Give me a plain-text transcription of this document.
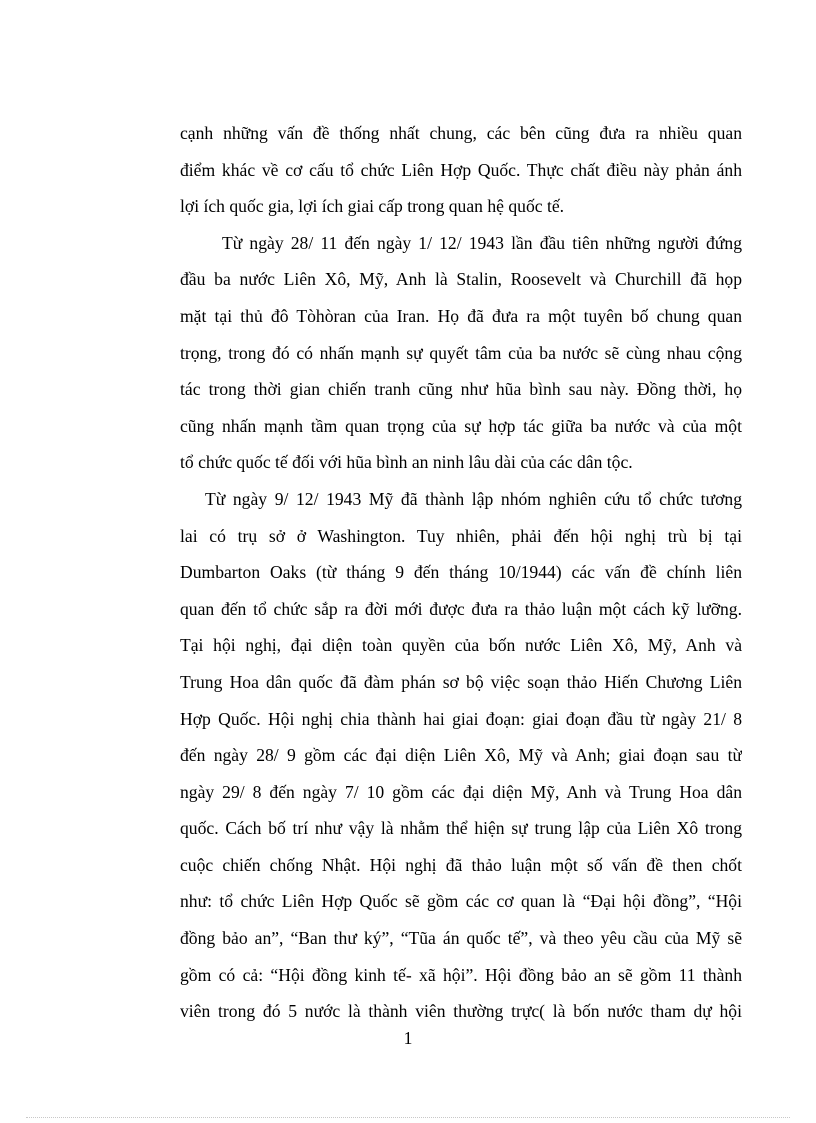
cạnh những vấn đề thống nhất chung, các bên cũng đưa ra nhiều quan
điểm khác về cơ cấu tổ chức Liên Hợp Quốc. Thực chất điều này phản ánh
lợi ích quốc gia, lợi ích giai cấp trong quan hệ quốc tế.
Từ ngày 28/ 11 đến ngày 1/ 12/ 1943 lần đầu tiên những người đứng
đầu ba nước Liên Xô, Mỹ, Anh là Stalin, Roosevelt và Churchill đã họp
mặt tại thủ đô Tòhòran của Iran. Họ đã đưa ra một tuyên bố chung quan
trọng, trong đó có nhấn mạnh sự quyết tâm của ba nước sẽ cùng nhau cộng
tác trong thời gian chiến tranh cũng như hũa bình sau này. Đồng thời, họ
cũng nhấn mạnh tầm quan trọng của sự hợp tác giữa ba nước và của một
tổ chức quốc tế đối với hũa bình an ninh lâu dài của các dân tộc.
Từ ngày 9/ 12/ 1943 Mỹ đã thành lập nhóm nghiên cứu tổ chức tương
lai có trụ sở ở Washington. Tuy nhiên, phải đến hội nghị trù bị tại
Dumbarton Oaks (từ tháng 9 đến tháng 10/1944) các vấn đề chính liên
quan đến tổ chức sắp ra đời mới được đưa ra thảo luận một cách kỹ lưỡng.
Tại hội nghị, đại diện toàn quyền của bốn nước Liên Xô, Mỹ, Anh và
Trung Hoa dân quốc đã đàm phán sơ bộ việc soạn thảo Hiến Chương Liên
Hợp Quốc. Hội nghị chia thành hai giai đoạn: giai đoạn đầu từ ngày 21/ 8
đến ngày 28/ 9 gồm các đại diện Liên Xô, Mỹ và Anh; giai đoạn sau từ
ngày 29/ 8 đến ngày 7/ 10 gồm các đại diện Mỹ, Anh và Trung Hoa dân
quốc. Cách bố trí như vậy là nhằm thể hiện sự trung lập của Liên Xô trong
cuộc chiến chống Nhật. Hội nghị đã thảo luận một số vấn đề then chốt
như: tổ chức Liên Hợp Quốc sẽ gồm các cơ quan là “Đại hội đồng”, “Hội
đồng bảo an”, “Ban thư ký”, “Tũa án quốc tế”, và theo yêu cầu của Mỹ sẽ
gồm có cả: “Hội đồng kinh tế- xã hội”. Hội đồng bảo an sẽ gồm 11 thành
viên trong đó 5 nước là thành viên thường trực( là bốn nước tham dự hội
1
